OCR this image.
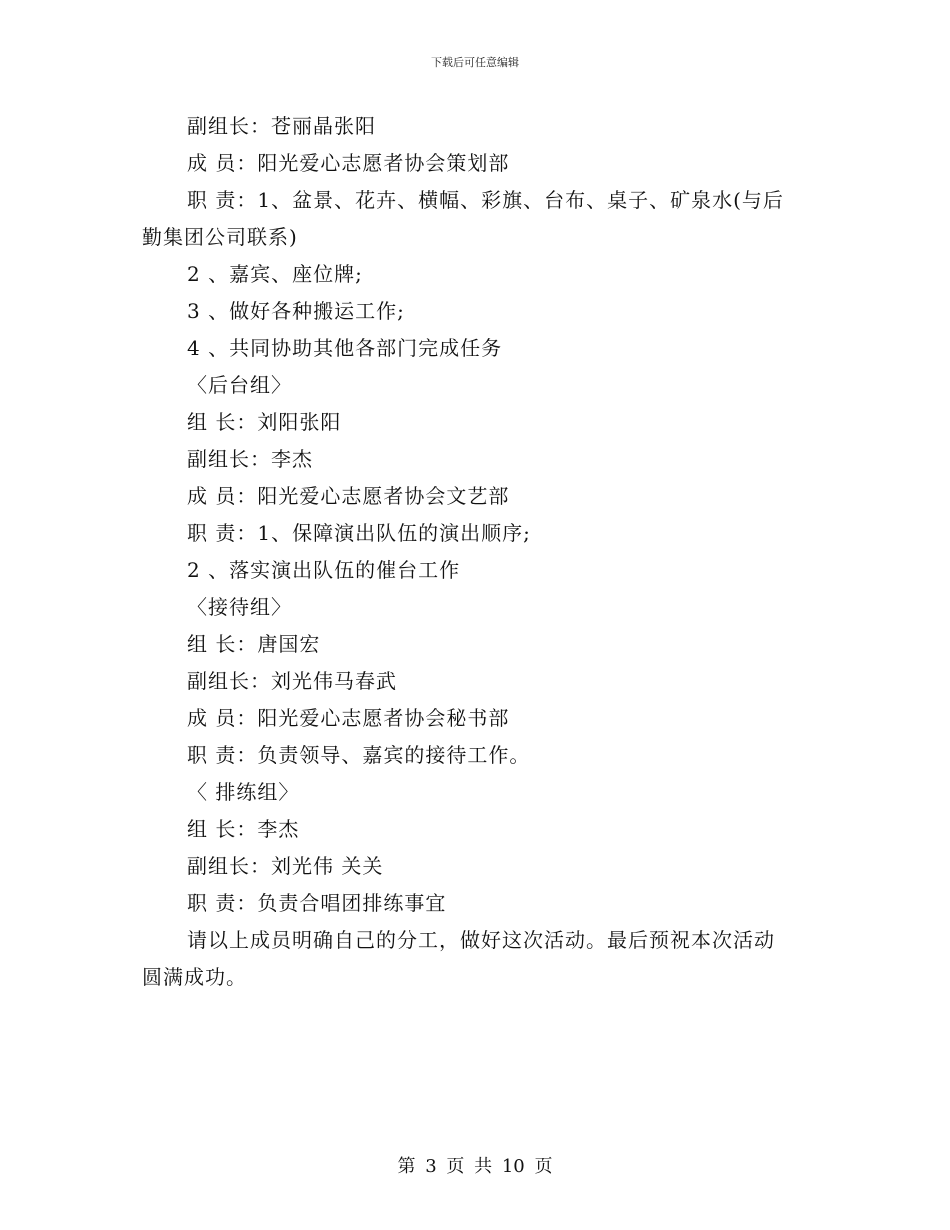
下载后可任意编辑
副组长：苍丽晶张阳
成 员：阳光爱心志愿者协会策划部
职 责：1、盆景、花卉、横幅、彩旗、台布、桌子、矿泉水(与后
勤集团公司联系)
2 、嘉宾、座位牌;
3 、做好各种搬运工作;
4 、共同协助其他各部门完成任务
〈后台组〉
组 长：刘阳张阳
副组长：李杰
成 员：阳光爱心志愿者协会文艺部
职 责：1、保障演出队伍的演出顺序;
2 、落实演出队伍的催台工作
〈接待组〉
组 长：唐国宏
副组长：刘光伟马春武
成 员：阳光爱心志愿者协会秘书部
职 责：负责领导、嘉宾的接待工作。
〈 排练组〉
组 长：李杰
副组长：刘光伟 关关
职 责：负责合唱团排练事宜
请以上成员明确自己的分工，做好这次活动。最后预祝本次活动
圆满成功。
第 3 页 共 10 页
